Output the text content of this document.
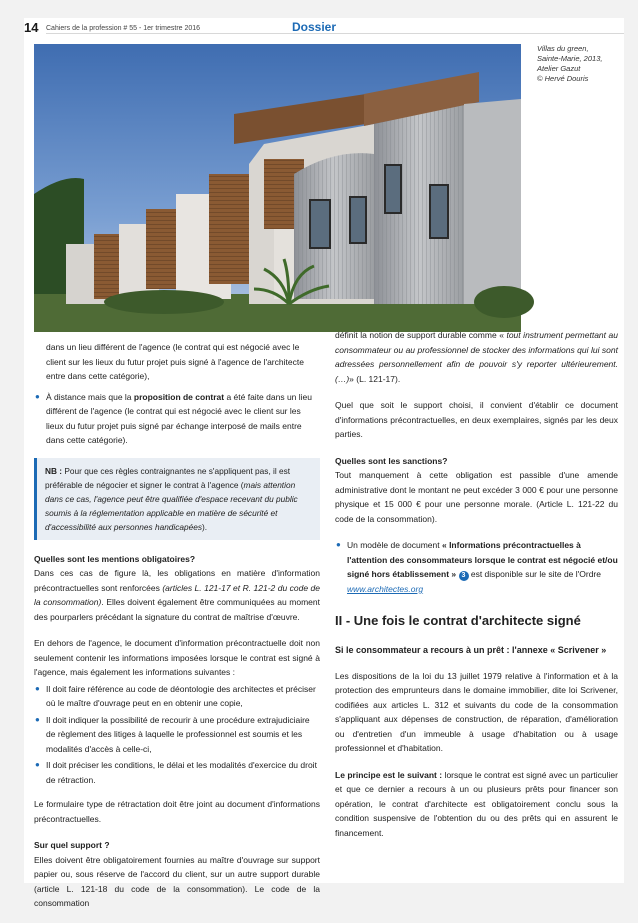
14 Cahiers de la profession # 55 - 1er trimestre 2016	Dossier
Villas du green,
Sainte-Marie, 2013,
Atelier Gazut
© Hervé Douris

dans un lieu différent de l'agence (le contrat qui est négocié avec le client sur les lieux du futur projet puis signé à l'agence de l'architecte entre dans cette catégorie),

● À distance mais que la proposition de contrat a été faite dans un lieu différent de l'agence (le contrat qui est négocié avec le client sur les lieux du futur projet puis signé par échange interposé de mails entre dans cette catégorie).
NB : Pour que ces règles contraignantes ne s'appliquent pas, il est préférable de négocier et signer le contrat à l'agence (mais attention dans ce cas, l'agence peut être qualifiée d'espace recevant du public soumis à la réglementation applicable en matière de sécurité et d'accessibilité aux personnes handicapées).
Quelles sont les mentions obligatoires?

Dans ces cas de figure là, les obligations en matière d'information précontractuelles sont renforcées (articles L. 121-17 et R. 121-2 du code de la consommation). Elles doivent également être communiquées au moment des pourparlers précédant la signature du contrat de maîtrise d'œuvre.

En dehors de l'agence, le document d'information précontractuelle doit non seulement contenir les informations imposées lorsque le contrat est signé à l'agence, mais également les informations suivantes :

● Il doit faire référence au code de déontologie des architectes et préciser où le maître d'ouvrage peut en en obtenir une copie,
● Il doit indiquer la possibilité de recourir à une procédure extrajudiciaire de règlement des litiges à laquelle le professionnel est soumis et les modalités d'accès à celle-ci,
● Il doit préciser les conditions, le délai et les modalités d'exercice du droit de rétraction.

Le formulaire type de rétractation doit être joint au document d'informations précontractuelles.

Sur quel support ?

Elles doivent être obligatoirement fournies au maître d'ouvrage sur support papier ou, sous réserve de l'accord du client, sur un autre support durable (article L. 121-18 du code de la consommation). Le code de la consommation

définit la notion de support durable comme « tout instrument permettant au consommateur ou au professionnel de stocker des informations qui lui sont adressées personnellement afin de pouvoir s'y reporter ultérieurement. (…)» (L. 121-17).

Quel que soit le support choisi, il convient d'établir ce document d'informations précontractuelles, en deux exemplaires, signés par les deux parties.

Quelles sont les sanctions?

Tout manquement à cette obligation est passible d'une amende administrative dont le montant ne peut excéder 3 000 € pour une personne physique et 15 000 € pour une personne morale. (Article L. 121-22 du code de la consommation).

● Un modèle de document « Informations précontractuelles à l'attention des consommateurs lorsque le contrat est négocié et/ou signé hors établissement » 3 est disponible sur le site de l'Ordre
www.architectes.org
II - Une fois le contrat d'architecte signé
Si le consommateur a recours à un prêt : l'annexe « Scrivener »

Les dispositions de la loi du 13 juillet 1979 relative à l'information et à la protection des emprunteurs dans le domaine immobilier, dite loi Scrivener, codifiées aux articles L. 312 et suivants du code de la consommation s'appliquant aux dépenses de construction, de réparation, d'amélioration ou d'entretien d'un immeuble à usage d'habitation ou à usage professionnel et d'habitation.

Le principe est le suivant : lorsque le contrat est signé avec un particulier et que ce dernier a recours à un ou plusieurs prêts pour financer son opération, le contrat d'architecte est obligatoirement conclu sous la condition suspensive de l'obtention du ou des prêts qui en assurent le financement.
